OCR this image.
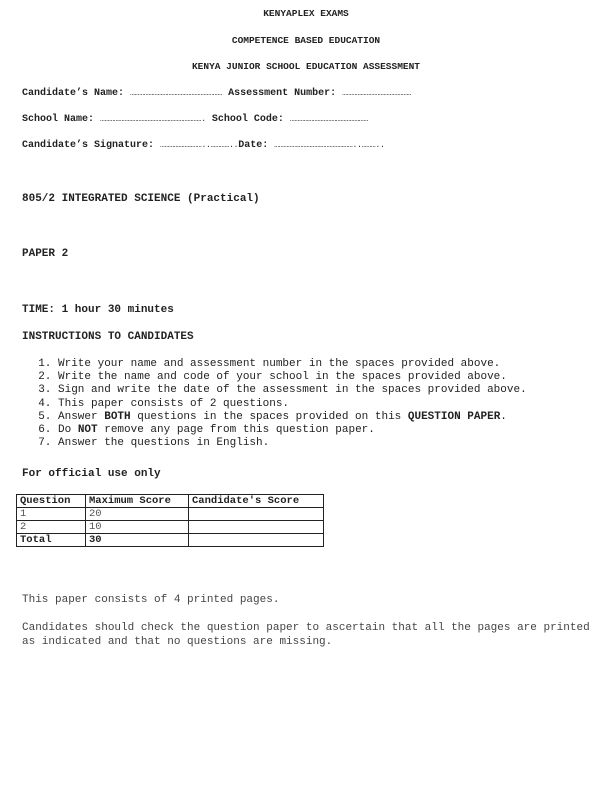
KENYAPLEX EXAMS
COMPETENCE BASED EDUCATION
KENYA JUNIOR SCHOOL EDUCATION ASSESSMENT
Candidate’s Name: …………………………………………………… Assessment Number: ………………………………………
School Name: …………………………………………………………. School Code: ……………………………………………
Candidate’s Signature: ………………………..…………..Date: ……………………………………………..………..
805/2 INTEGRATED SCIENCE (Practical)
PAPER 2
TIME: 1 hour 30 minutes
INSTRUCTIONS TO CANDIDATES
1. Write your name and assessment number in the spaces provided above.
2. Write the name and code of your school in the spaces provided above.
3. Sign and write the date of the assessment in the spaces provided above.
4. This paper consists of 2 questions.
5. Answer BOTH questions in the spaces provided on this QUESTION PAPER.
6. Do NOT remove any page from this question paper.
7. Answer the questions in English.
For official use only
Question	Maximum Score	Candidate's Score
1	20	
2	10	
Total	30	
This paper consists of 4 printed pages.
Candidates should check the question paper to ascertain that all the pages are printed as indicated and that no questions are missing.
